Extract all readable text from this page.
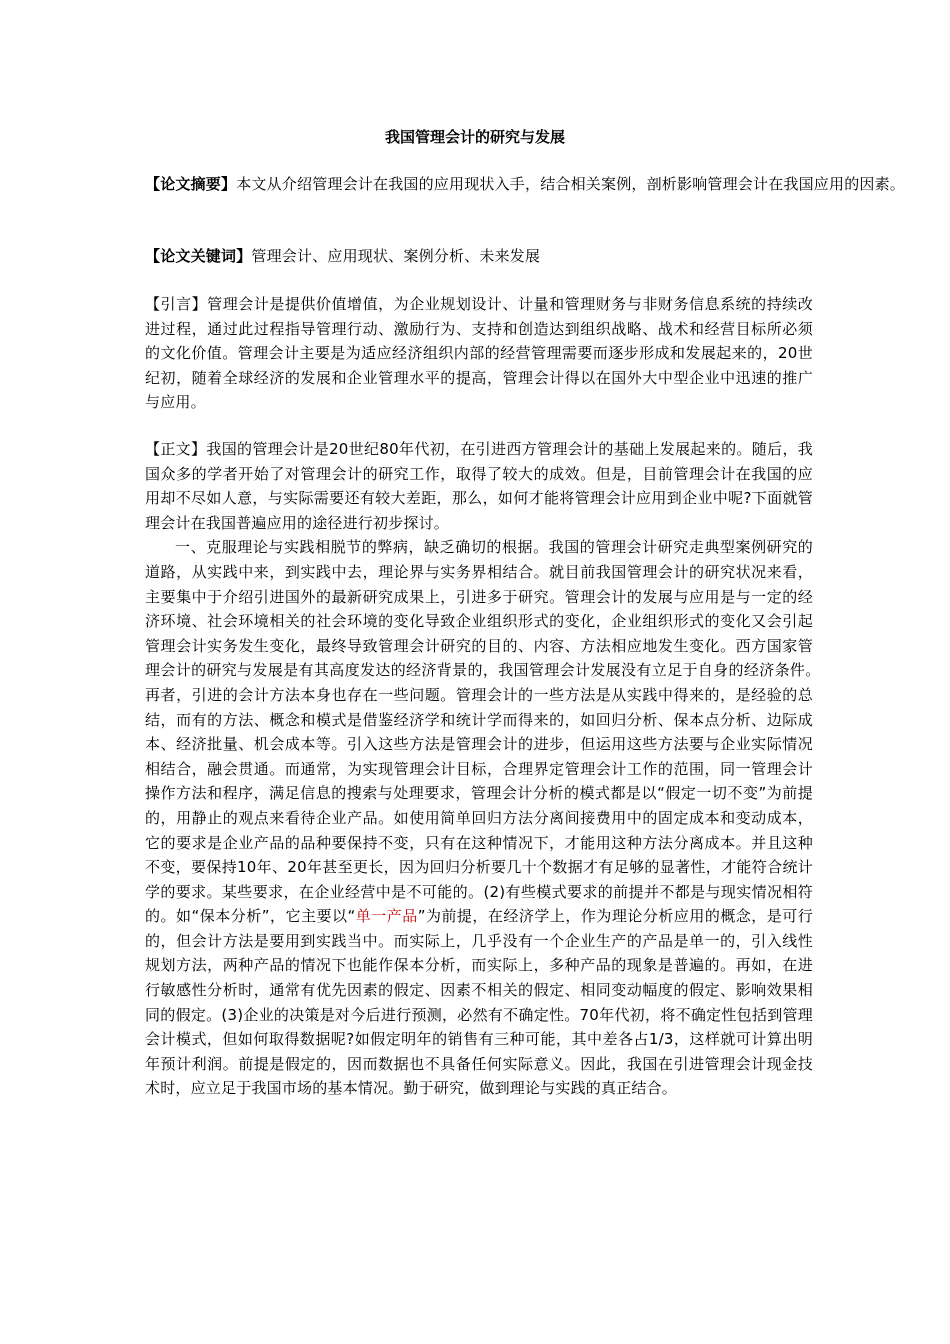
我国管理会计的研究与发展
【论文摘要】本文从介绍管理会计在我国的应用现状入手，结合相关案例，剖析影响管理会计在我国应用的因素。
【论文关键词】管理会计、应用现状、案例分析、未来发展
【引言】管理会计是提供价值增值，为企业规划设计、计量和管理财务与非财务信息系统的持续改进过程，通过此过程指导管理行动、激励行为、支持和创造达到组织战略、战术和经营目标所必须的文化价值。管理会计主要是为适应经济组织内部的经营管理需要而逐步形成和发展起来的，20世纪初，随着全球经济的发展和企业管理水平的提高，管理会计得以在国外大中型企业中迅速的推广与应用。

【正文】我国的管理会计是20世纪80年代初，在引进西方管理会计的基础上发展起来的。随后，我国众多的学者开始了对管理会计的研究工作，取得了较大的成效。但是，目前管理会计在我国的应用却不尽如人意，与实际需要还有较大差距，那么，如何才能将管理会计应用到企业中呢?下面就管理会计在我国普遍应用的途径进行初步探讨。

一、克服理论与实践相脱节的弊病，缺乏确切的根据。我国的管理会计研究走典型案例研究的道路，从实践中来，到实践中去，理论界与实务界相结合。就目前我国管理会计的研究状况来看，主要集中于介绍引进国外的最新研究成果上，引进多于研究。管理会计的发展与应用是与一定的经济环境、社会环境相关的社会环境的变化导致企业组织形式的变化，企业组织形式的变化又会引起管理会计实务发生变化，最终导致管理会计研究的目的、内容、方法相应地发生变化。西方国家管理会计的研究与发展是有其高度发达的经济背景的，我国管理会计发展没有立足于自身的经济条件。　　再者，引进的会计方法本身也存在一些问题。管理会计的一些方法是从实践中得来的，是经验的总结，而有的方法、概念和模式是借鉴经济学和统计学而得来的，如回归分析、保本点分析、边际成本、经济批量、机会成本等。引入这些方法是管理会计的进步，但运用这些方法要与企业实际情况相结合，融会贯通。而通常，为实现管理会计目标，合理界定管理会计工作的范围，同一管理会计操作方法和程序，满足信息的搜索与处理要求，管理会计分析的模式都是以“假定一切不变”为前提的，用静止的观点来看待企业产品。如使用简单回归方法分离间接费用中的固定成本和变动成本，它的要求是企业产品的品种要保持不变，只有在这种情况下，才能用这种方法分离成本。并且这种不变，要保持10年、20年甚至更长，因为回归分析要几十个数据才有足够的显著性，才能符合统计学的要求。某些要求，在企业经营中是不可能的。(2)有些模式要求的前提并不都是与现实情况相符的。如“保本分析”，它主要以“单一产品”为前提，在经济学上，作为理论分析应用的概念，是可行的，但会计方法是要用到实践当中。而实际上，几乎没有一个企业生产的产品是单一的，引入线性规划方法，两种产品的情况下也能作保本分析，而实际上，多种产品的现象是普遍的。再如，在进行敏感性分析时，通常有优先因素的假定、因素不相关的假定、相同变动幅度的假定、影响效果相同的假定。(3)企业的决策是对今后进行预测，必然有不确定性。70年代初，将不确定性包括到管理会计模式，但如何取得数据呢?如假定明年的销售有三种可能，其中差各占1/3，这样就可计算出明年预计利润。前提是假定的，因而数据也不具备任何实际意义。因此，我国在引进管理会计现金技术时，应立足于我国市场的基本情况。勤于研究，做到理论与实践的真正结合。
